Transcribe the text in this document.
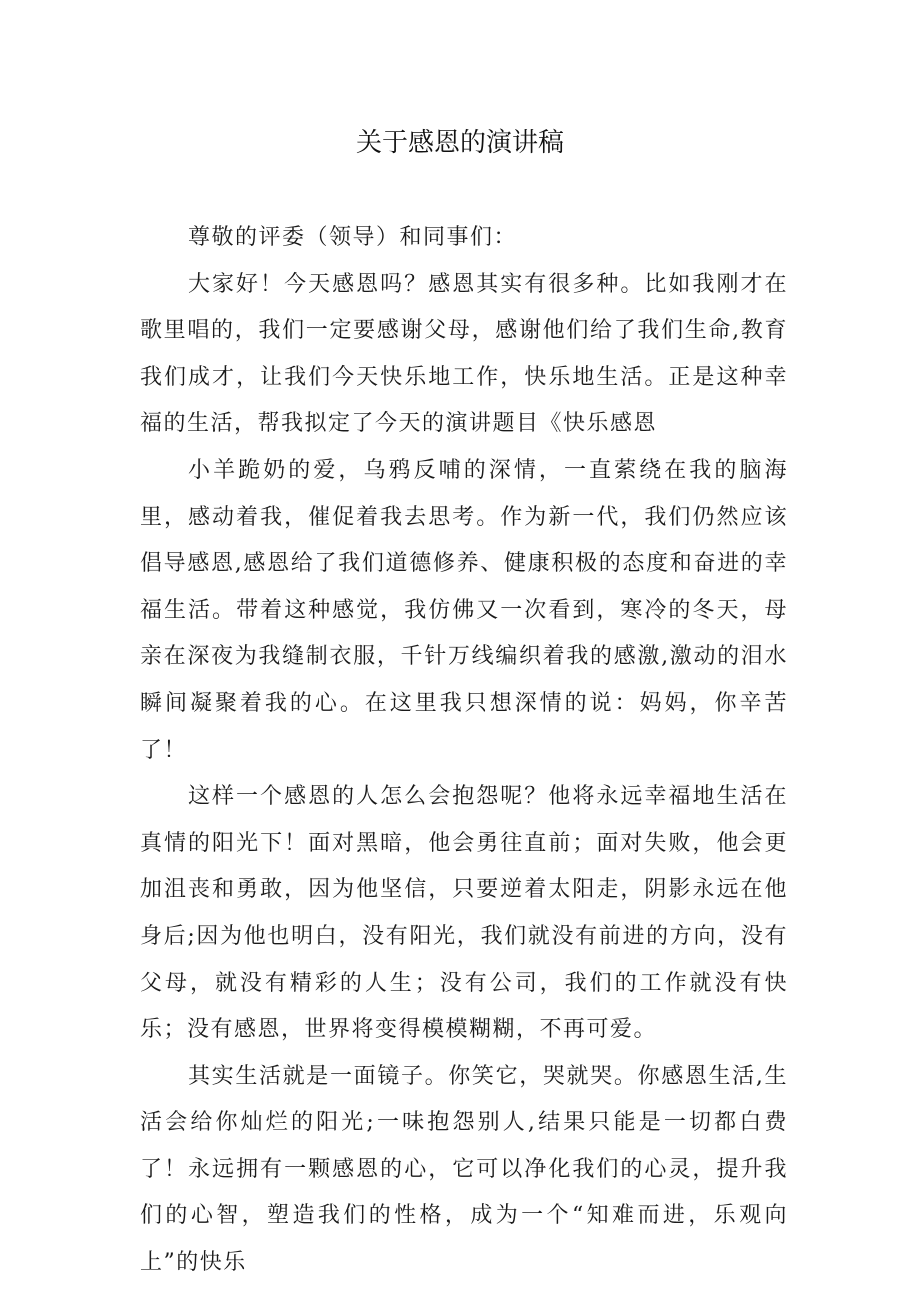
关于感恩的演讲稿

尊敬的评委（领导）和同事们：

大家好！今天感恩吗？感恩其实有很多种。比如我刚才在歌里唱的，我们一定要感谢父母，感谢他们给了我们生命,教育我们成才，让我们今天快乐地工作，快乐地生活。正是这种幸福的生活，帮我拟定了今天的演讲题目《快乐感恩

小羊跪奶的爱，乌鸦反哺的深情，一直萦绕在我的脑海里，感动着我，催促着我去思考。作为新一代，我们仍然应该倡导感恩,感恩给了我们道德修养、健康积极的态度和奋进的幸福生活。带着这种感觉，我仿佛又一次看到，寒冷的冬天，母亲在深夜为我缝制衣服，千针万线编织着我的感激,激动的泪水瞬间凝聚着我的心。在这里我只想深情的说：妈妈，你辛苦了！

这样一个感恩的人怎么会抱怨呢？他将永远幸福地生活在真情的阳光下！面对黑暗，他会勇往直前；面对失败，他会更加沮丧和勇敢，因为他坚信，只要逆着太阳走，阴影永远在他身后;因为他也明白，没有阳光，我们就没有前进的方向，没有父母，就没有精彩的人生；没有公司，我们的工作就没有快乐；没有感恩，世界将变得模模糊糊，不再可爱。

其实生活就是一面镜子。你笑它，哭就哭。你感恩生活,生活会给你灿烂的阳光;一味抱怨别人,结果只能是一切都白费了！永远拥有一颗感恩的心，它可以净化我们的心灵，提升我们的心智，塑造我们的性格，成为一个“知难而进，乐观向上”的快乐
